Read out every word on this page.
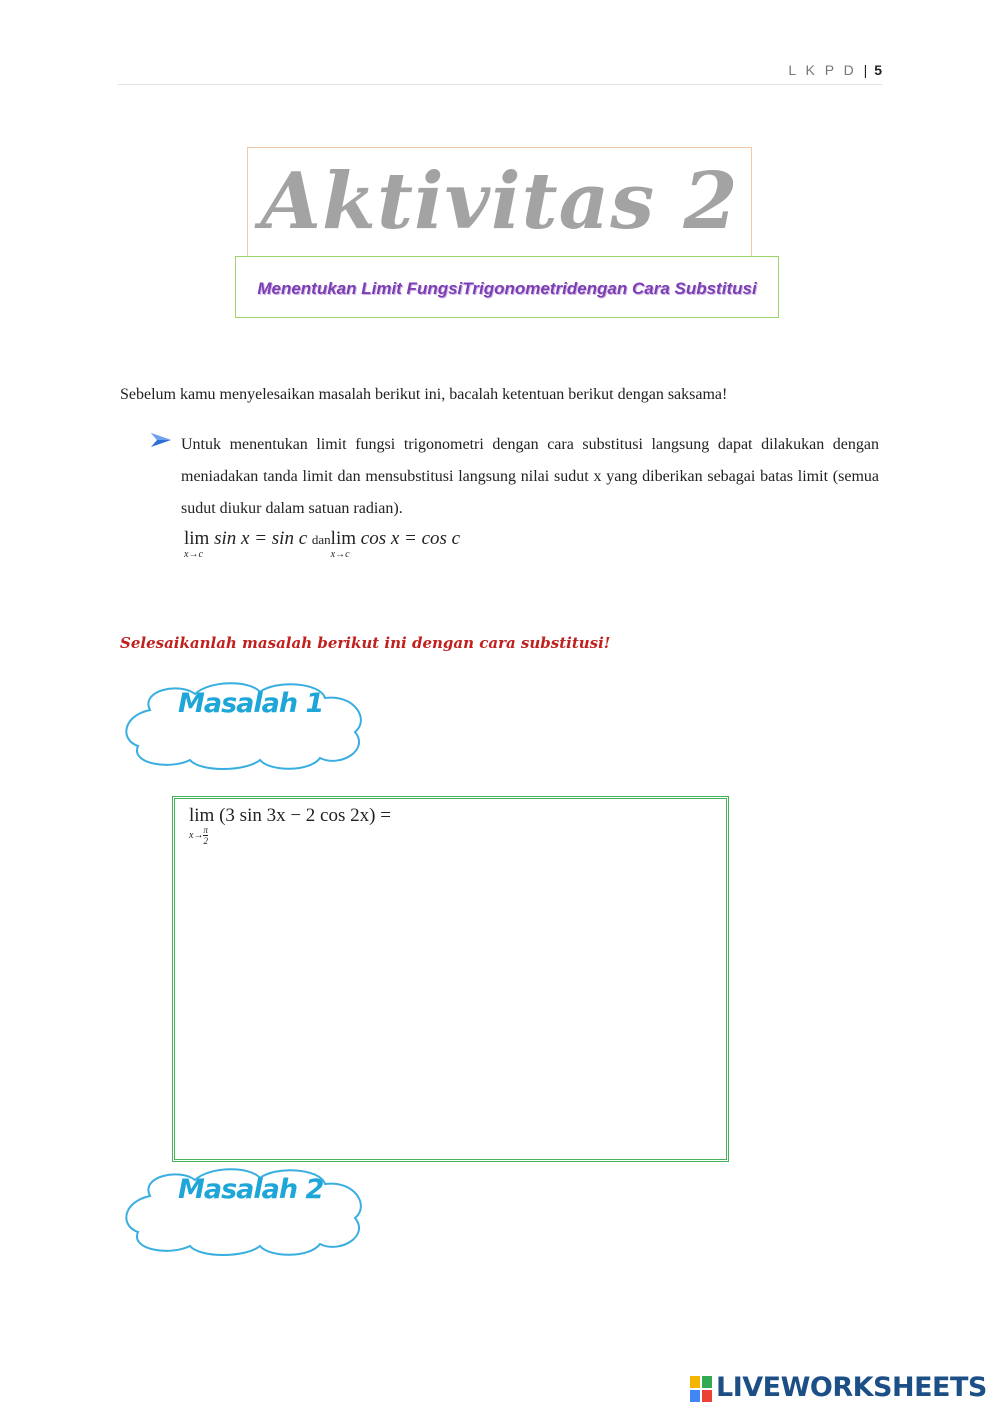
L K P D | 5
Aktivitas 2
Menentukan Limit FungsiTrigonometridengan Cara Substitusi
Sebelum kamu menyelesaikan masalah berikut ini, bacalah ketentuan berikut dengan saksama!
Untuk menentukan limit fungsi trigonometri dengan cara substitusi langsung dapat dilakukan dengan meniadakan tanda limit dan mensubstitusi langsung nilai sudut x yang diberikan sebagai batas limit (semua sudut diukur dalam satuan radian).
lim
x→c
sin x = sin c danlim
x→c
cos x = cos c
Selesaikanlah masalah berikut ini dengan cara substitusi!
Masalah 1
lim
$x\to\frac{\pi}{2}$
(3 sin 3x − 2 cos 2x) =
Masalah 2
LIVEWORKSHEETS
